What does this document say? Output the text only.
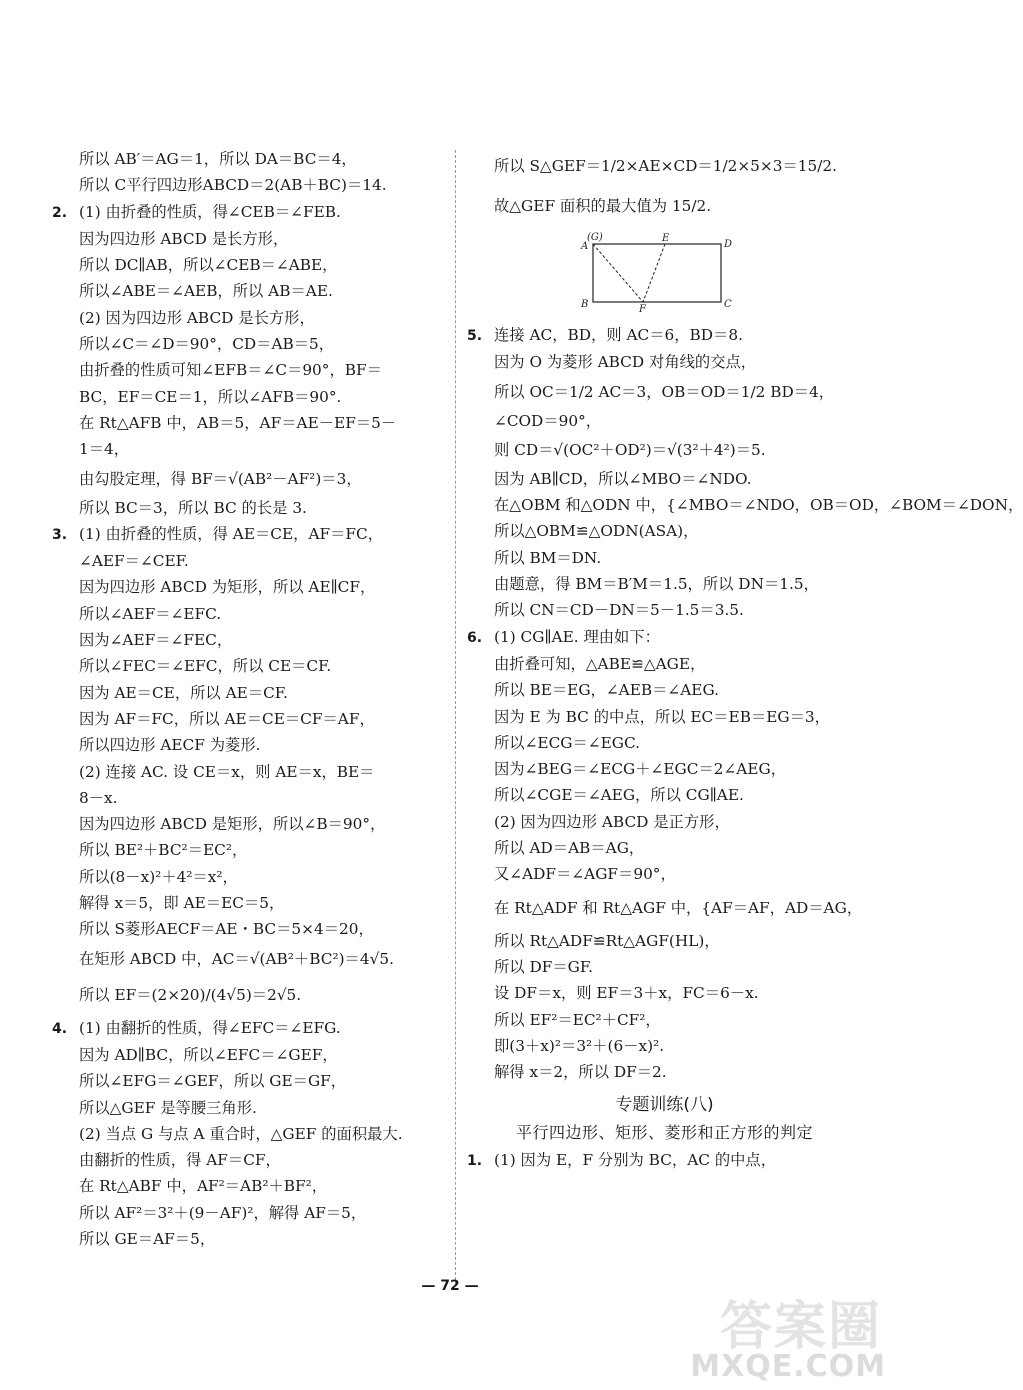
所以 AB′＝AG＝1，所以 DA＝BC＝4，

所以 C平行四边形ABCD＝2(AB＋BC)＝14.

2. (1) 由折叠的性质，得∠CEB＝∠FEB.

因为四边形 ABCD 是长方形，

所以 DC∥AB，所以∠CEB＝∠ABE，

所以∠ABE＝∠AEB，所以 AB＝AE.

(2) 因为四边形 ABCD 是长方形，

所以∠C＝∠D＝90°，CD＝AB＝5，

由折叠的性质可知∠EFB＝∠C＝90°，BF＝

BC，EF＝CE＝1，所以∠AFB＝90°.

在 Rt△AFB 中，AB＝5，AF＝AE－EF＝5－

1＝4，

由勾股定理，得 BF＝√(AB²－AF²)＝3，

所以 BC＝3，所以 BC 的长是 3.

3. (1) 由折叠的性质，得 AE＝CE，AF＝FC，

∠AEF＝∠CEF.

因为四边形 ABCD 为矩形，所以 AE∥CF，

所以∠AEF＝∠EFC.

因为∠AEF＝∠FEC，

所以∠FEC＝∠EFC，所以 CE＝CF.

因为 AE＝CE，所以 AE＝CF.

因为 AF＝FC，所以 AE＝CE＝CF＝AF，

所以四边形 AECF 为菱形.

(2) 连接 AC. 设 CE＝x，则 AE＝x，BE＝

8－x.

因为四边形 ABCD 是矩形，所以∠B＝90°，

所以 BE²＋BC²＝EC²，

所以(8－x)²＋4²＝x²，

解得 x＝5，即 AE＝EC＝5，

所以 S菱形AECF＝AE・BC＝5×4＝20，

在矩形 ABCD 中，AC＝√(AB²＋BC²)＝4√5.

所以 EF＝(2×20)/(4√5)＝2√5.

4. (1) 由翻折的性质，得∠EFC＝∠EFG.

因为 AD∥BC，所以∠EFC＝∠GEF，

所以∠EFG＝∠GEF，所以 GE＝GF，

所以△GEF 是等腰三角形.

(2) 当点 G 与点 A 重合时，△GEF 的面积最大.

由翻折的性质，得 AF＝CF，

在 Rt△ABF 中，AF²＝AB²＋BF²，

所以 AF²＝3²＋(9－AF)²，解得 AF＝5，

所以 GE＝AF＝5，

所以 S△GEF＝1/2×AE×CD＝1/2×5×3＝15/2.

故△GEF 面积的最大值为 15/2.

(G)
A
E
D
B	F	C

5. 连接 AC，BD，则 AC＝6，BD＝8.

因为 O 为菱形 ABCD 对角线的交点，

所以 OC＝1/2 AC＝3，OB＝OD＝1/2 BD＝4，

∠COD＝90°，

则 CD＝√(OC²＋OD²)＝√(3²＋4²)＝5.

因为 AB∥CD，所以∠MBO＝∠NDO.

在△OBM 和△ODN 中，{∠MBO＝∠NDO，OB＝OD，∠BOM＝∠DON，

所以△OBM≌△ODN(ASA)，

所以 BM＝DN.

由题意，得 BM＝B′M＝1.5，所以 DN＝1.5，

所以 CN＝CD－DN＝5－1.5＝3.5.

6. (1) CG∥AE. 理由如下：

由折叠可知，△ABE≌△AGE，

所以 BE＝EG，∠AEB＝∠AEG.

因为 E 为 BC 的中点，所以 EC＝EB＝EG＝3，

所以∠ECG＝∠EGC.

因为∠BEG＝∠ECG＋∠EGC＝2∠AEG，

所以∠CGE＝∠AEG，所以 CG∥AE.

(2) 因为四边形 ABCD 是正方形，

所以 AD＝AB＝AG，

又∠ADF＝∠AGF＝90°，

在 Rt△ADF 和 Rt△AGF 中，{AF＝AF，AD＝AG，

所以 Rt△ADF≌Rt△AGF(HL)，

所以 DF＝GF.

设 DF＝x，则 EF＝3＋x，FC＝6－x.

所以 EF²＝EC²＋CF²，

即(3＋x)²＝3²＋(6－x)².

解得 x＝2，所以 DF＝2.

专题训练(八)

平行四边形、矩形、菱形和正方形的判定

1. (1) 因为 E，F 分别为 BC，AC 的中点，

— 72 —
答案圈
MXQE.COM
